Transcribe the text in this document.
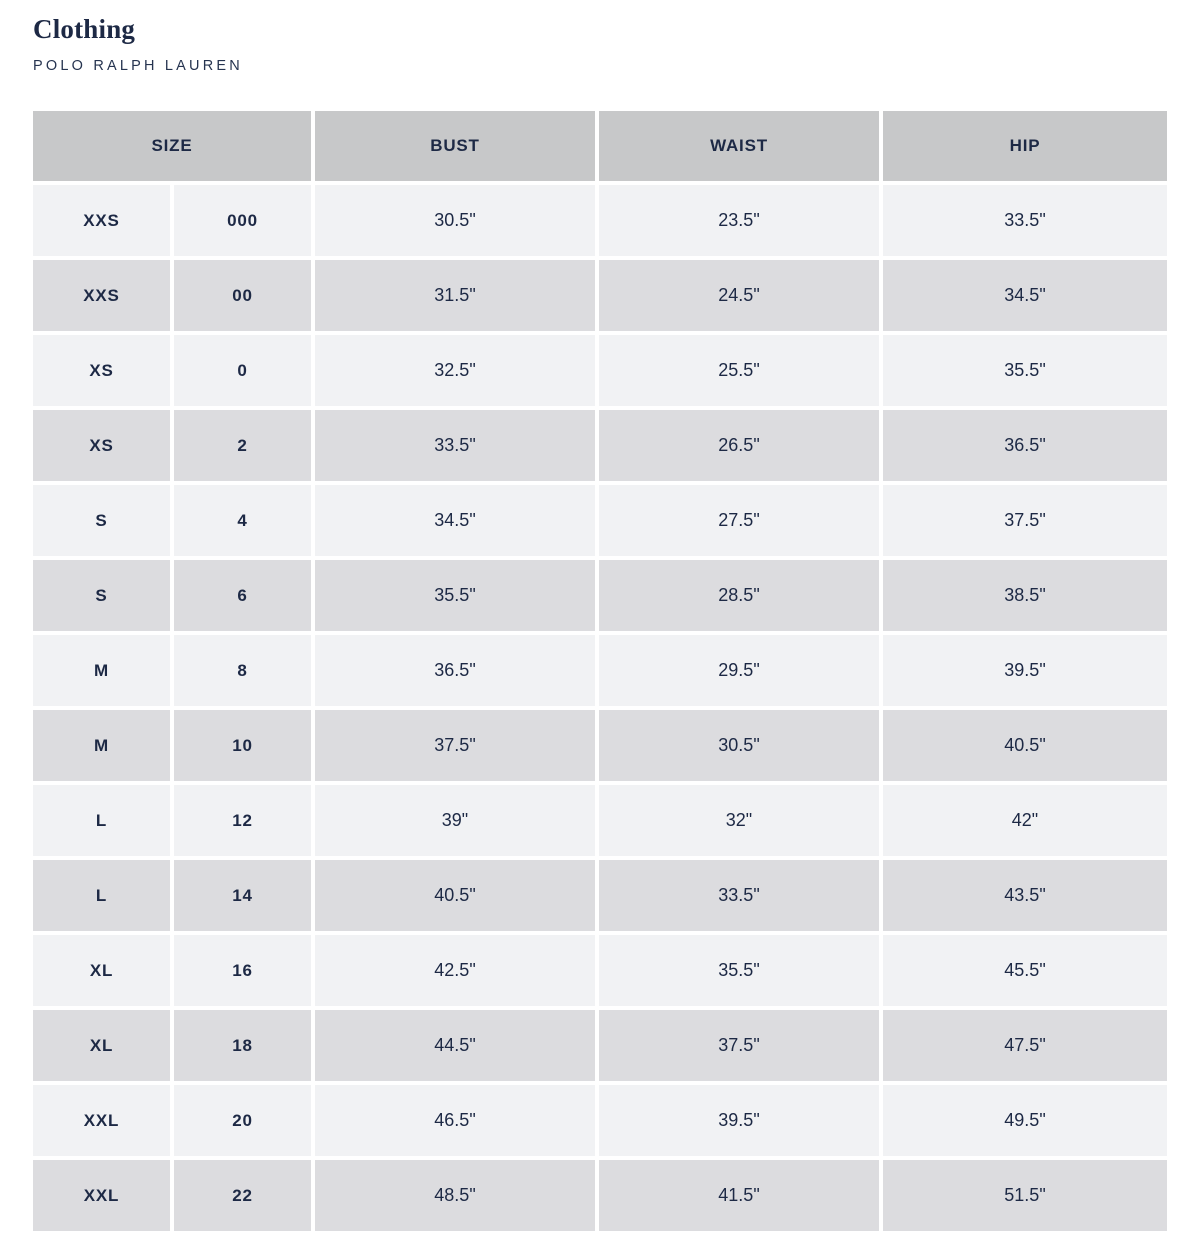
Clothing
POLO RALPH LAUREN
SIZE		BUST	WAIST	HIP
XXS	000	30.5"	23.5"	33.5"
XXS	00	31.5"	24.5"	34.5"
XS	0	32.5"	25.5"	35.5"
XS	2	33.5"	26.5"	36.5"
S	4	34.5"	27.5"	37.5"
S	6	35.5"	28.5"	38.5"
M	8	36.5"	29.5"	39.5"
M	10	37.5"	30.5"	40.5"
L	12	39"	32"	42"
L	14	40.5"	33.5"	43.5"
XL	16	42.5"	35.5"	45.5"
XL	18	44.5"	37.5"	47.5"
XXL	20	46.5"	39.5"	49.5"
XXL	22	48.5"	41.5"	51.5"
